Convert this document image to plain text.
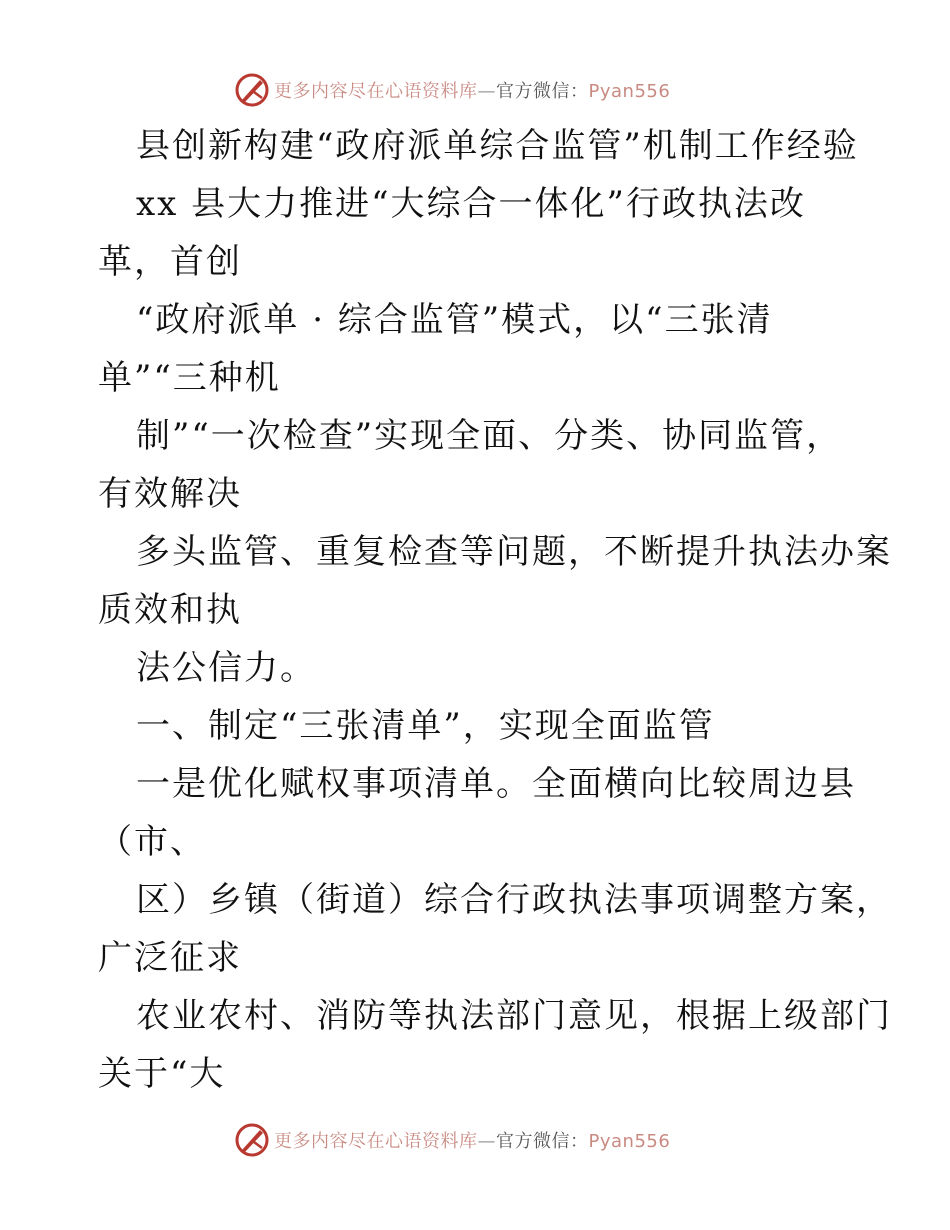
更多内容尽在心语资料库—官方微信：Pyan556
县创新构建“政府派单综合监管”机制工作经验
xx 县大力推进“大综合一体化”行政执法改
革，首创
“政府派单 · 综合监管”模式，以“三张清
单”“三种机
制”“一次检查”实现全面、分类、协同监管，
有效解决
多头监管、重复检查等问题，不断提升执法办案
质效和执
法公信力。
一、制定“三张清单”，实现全面监管
一是优化赋权事项清单。全面横向比较周边县
（市、
区）乡镇（街道）综合行政执法事项调整方案，
广泛征求
农业农村、消防等执法部门意见，根据上级部门
关于“大
更多内容尽在心语资料库—官方微信：Pyan556
